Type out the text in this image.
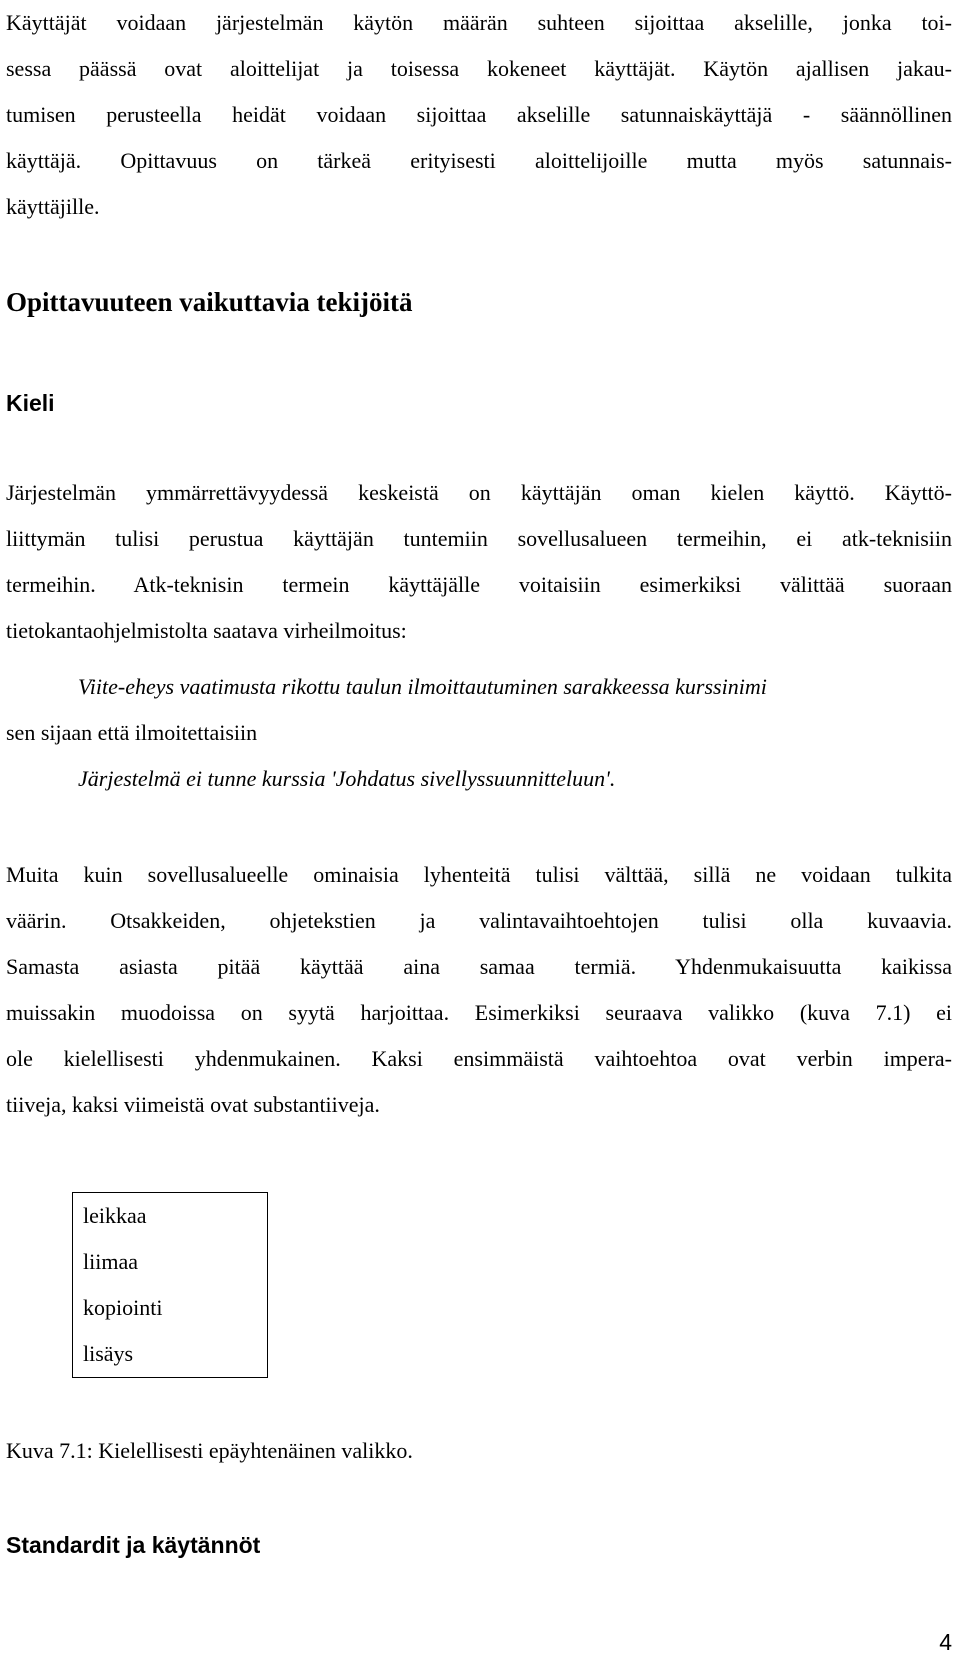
Käyttäjät voidaan järjestelmän käytön määrän suhteen sijoittaa akselille, jonka toi-
sessa päässä ovat aloittelijat ja toisessa kokeneet käyttäjät. Käytön ajallisen jakau-
tumisen perusteella heidät voidaan sijoittaa akselille satunnaiskäyttäjä - säännöllinen
käyttäjä. Opittavuus on tärkeä erityisesti aloittelijoille mutta myös satunnais-
käyttäjille.

Opittavuuteen vaikuttavia tekijöitä
Kieli

Järjestelmän ymmärrettävyydessä keskeistä on käyttäjän oman kielen käyttö. Käyttö-
liittymän tulisi perustua käyttäjän tuntemiin sovellusalueen termeihin, ei atk-teknisiin
termeihin. Atk-teknisin termein käyttäjälle voitaisiin esimerkiksi välittää suoraan
tietokantaohjelmistolta saatava virheilmoitus:

Viite-eheys vaatimusta rikottu taulun ilmoittautuminen sarakkeessa kurssinimi

sen sijaan että ilmoitettaisiin

Järjestelmä ei tunne kurssia 'Johdatus sivellyssuunnitteluun'.

Muita kuin sovellusalueelle ominaisia lyhenteitä tulisi välttää, sillä ne voidaan tulkita
väärin. Otsakkeiden, ohjetekstien ja valintavaihtoehtojen tulisi olla kuvaavia.
Samasta asiasta pitää käyttää aina samaa termiä. Yhdenmukaisuutta kaikissa
muissakin muodoissa on syytä harjoittaa. Esimerkiksi seuraava valikko (kuva 7.1) ei
ole kielellisesti yhdenmukainen. Kaksi ensimmäistä vaihtoehtoa ovat verbin impera-
tiiveja, kaksi viimeistä ovat substantiiveja.

leikkaa
liimaa
kopiointi
lisäys

Kuva 7.1: Kielellisesti epäyhtenäinen valikko.

Standardit ja käytännöt
4
